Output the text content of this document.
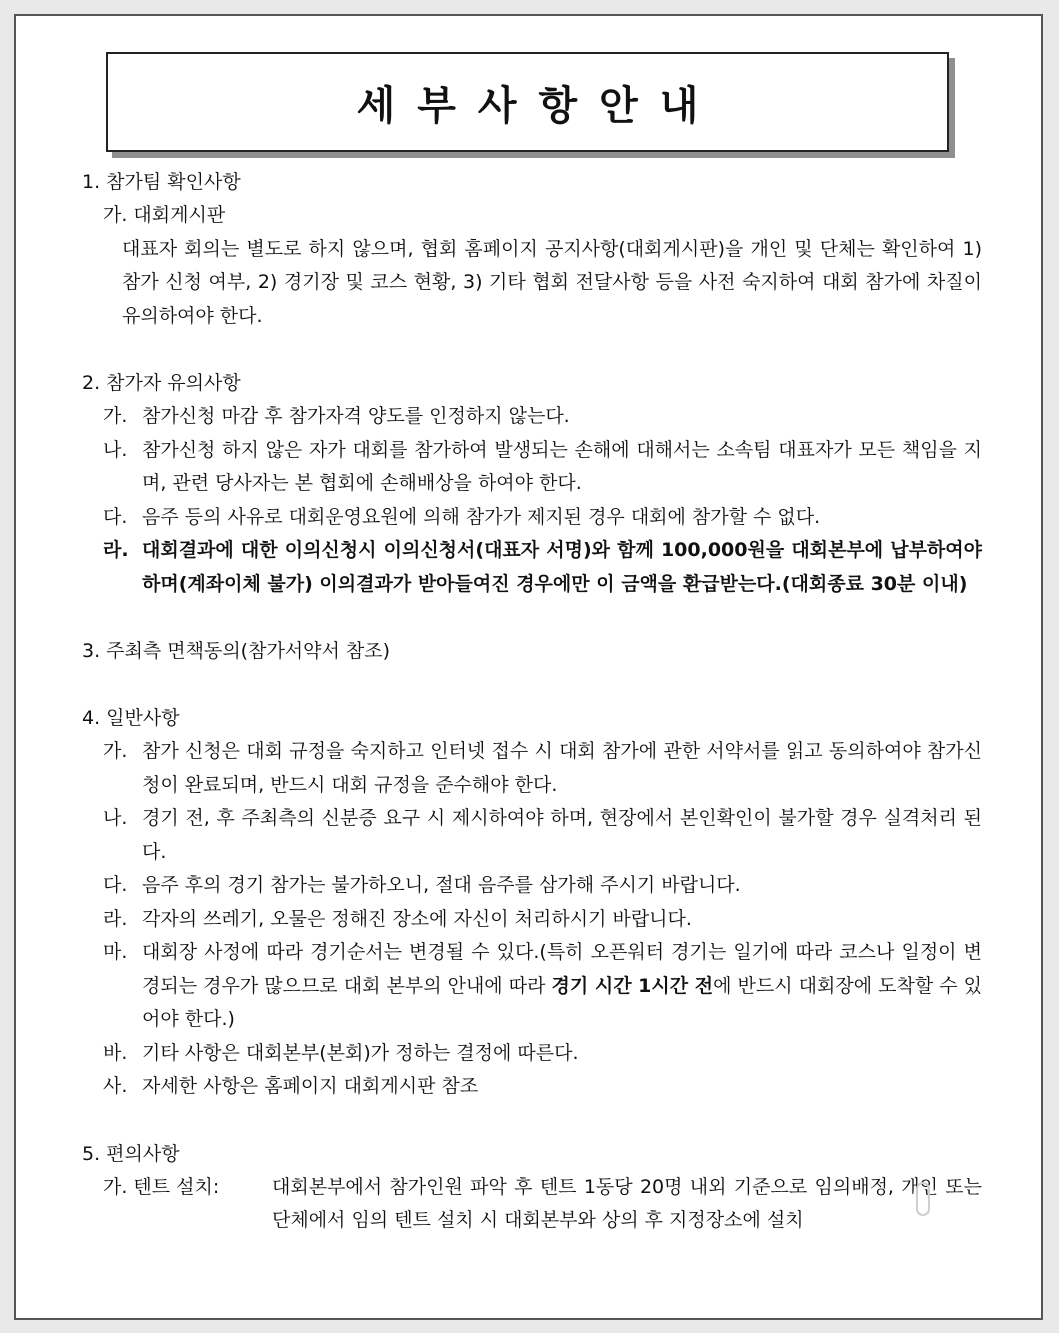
세부사항안내
1. 참가팀 확인사항
가. 대회게시판
대표자 회의는 별도로 하지 않으며, 협회 홈페이지 공지사항(대회게시판)을 개인 및 단체는 확인하여 1) 참가 신청 여부, 2) 경기장 및 코스 현황, 3) 기타 협회 전달사항 등을 사전 숙지하여 대회 참가에 차질이 유의하여야 한다.
2. 참가자 유의사항
가. 참가신청 마감 후 참가자격 양도를 인정하지 않는다.
나. 참가신청 하지 않은 자가 대회를 참가하여 발생되는 손해에 대해서는 소속팀 대표자가 모든 책임을 지며, 관련 당사자는 본 협회에 손해배상을 하여야 한다.
다. 음주 등의 사유로 대회운영요원에 의해 참가가 제지된 경우 대회에 참가할 수 없다.
라. 대회결과에 대한 이의신청시 이의신청서(대표자 서명)와 함께 100,000원을 대회본부에 납부하여야 하며(계좌이체 불가) 이의결과가 받아들여진 경우에만 이 금액을 환급받는다.(대회종료 30분 이내)
3. 주최측 면책동의(참가서약서 참조)
4. 일반사항
가. 참가 신청은 대회 규정을 숙지하고 인터넷 접수 시 대회 참가에 관한 서약서를 읽고 동의하여야 참가신청이 완료되며, 반드시 대회 규정을 준수해야 한다.
나. 경기 전, 후 주최측의 신분증 요구 시 제시하여야 하며, 현장에서 본인확인이 불가할 경우 실격처리 된다.
다. 음주 후의 경기 참가는 불가하오니, 절대 음주를 삼가해 주시기 바랍니다.
라. 각자의 쓰레기, 오물은 정해진 장소에 자신이 처리하시기 바랍니다.
마. 대회장 사정에 따라 경기순서는 변경될 수 있다.(특히 오픈워터 경기는 일기에 따라 코스나 일정이 변경되는 경우가 많으므로 대회 본부의 안내에 따라 경기 시간 1시간 전에 반드시 대회장에 도착할 수 있어야 한다.)
바. 기타 사항은 대회본부(본회)가 정하는 결정에 따른다.
사. 자세한 사항은 홈페이지 대회게시판 참조
5. 편의사항
가. 텐트 설치:	대회본부에서 참가인원 파악 후 텐트 1동당 20명 내외 기준으로 임의배정, 개인 또는 단체에서 임의 텐트 설치 시 대회본부와 상의 후 지정장소에 설치
